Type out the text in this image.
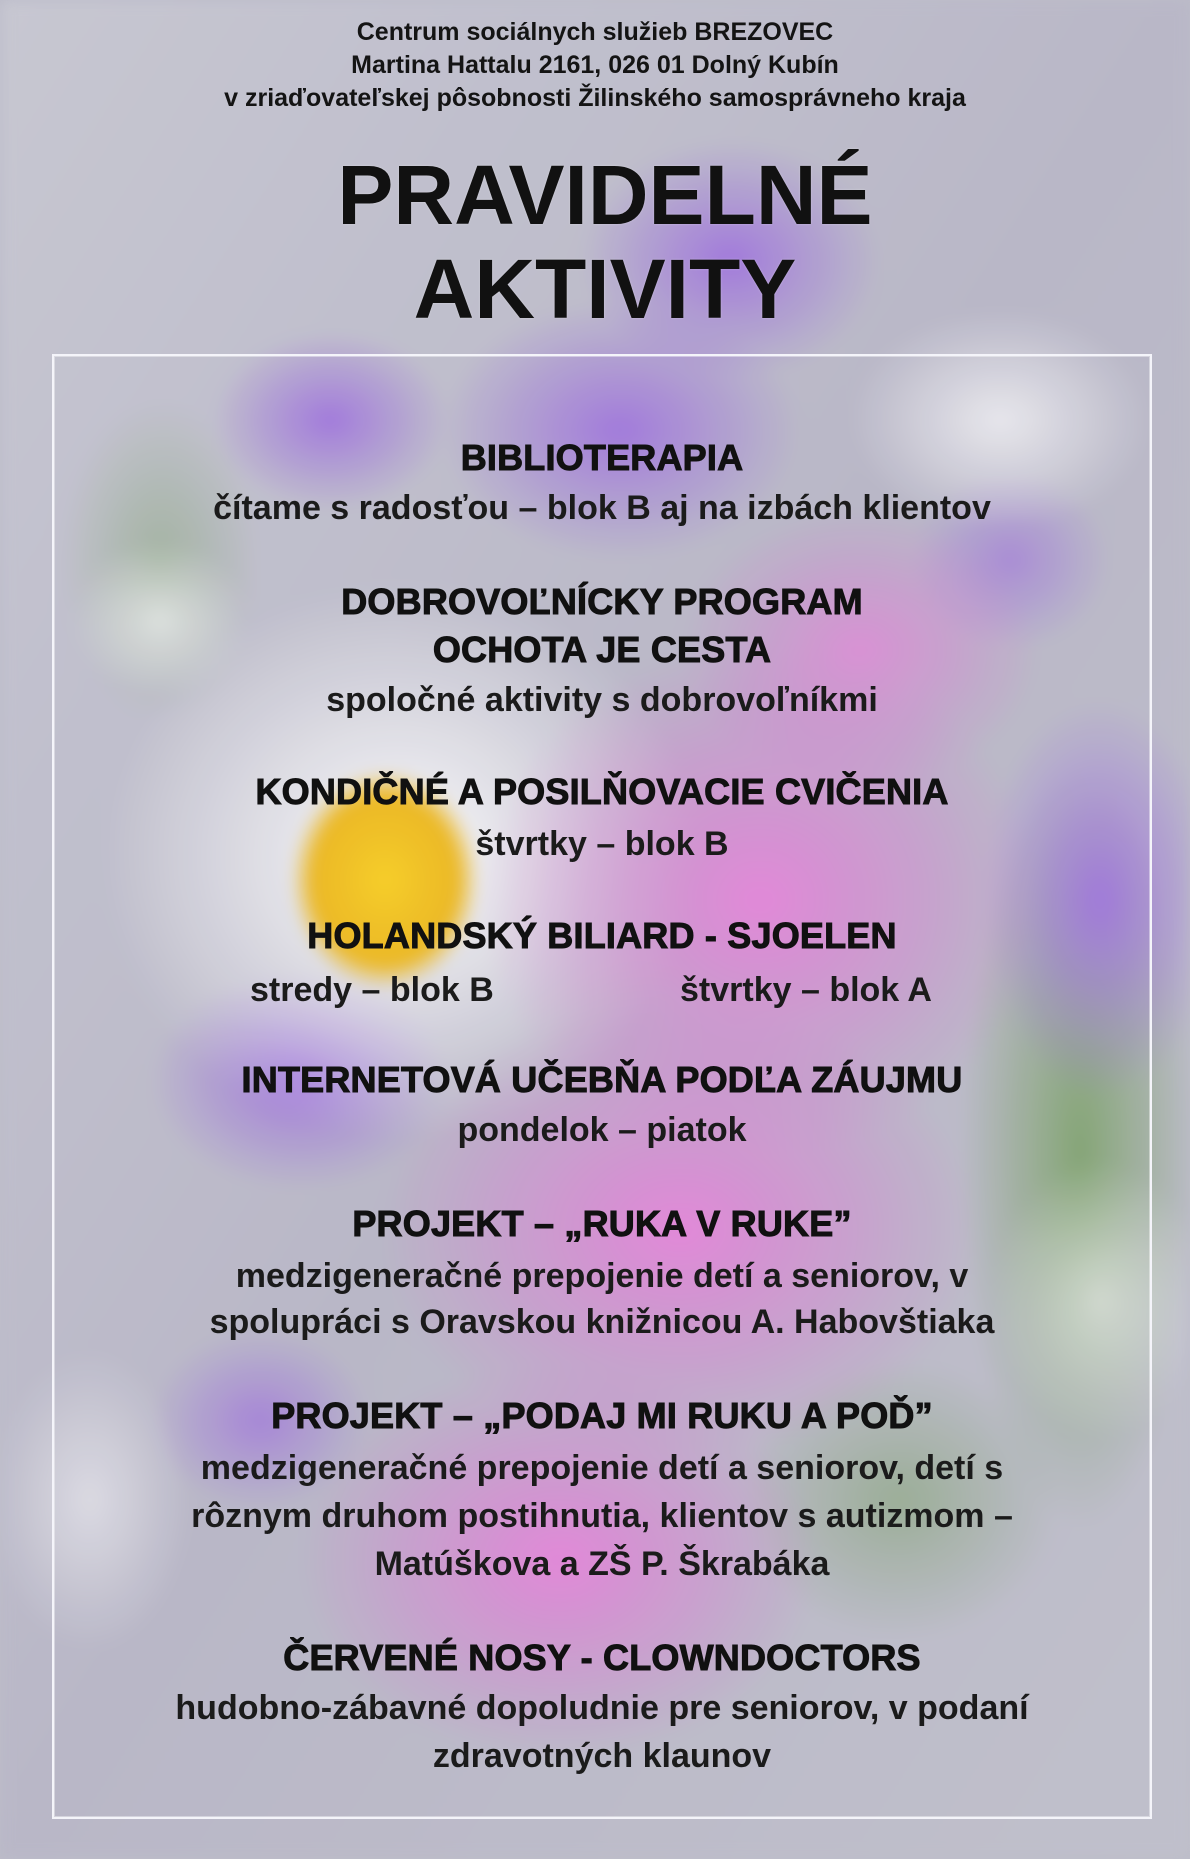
Centrum sociálnych služieb BREZOVEC
Martina Hattalu 2161, 026 01 Dolný Kubín
v zriaďovateľskej pôsobnosti Žilinského samosprávneho kraja
PRAVIDELNÉ
AKTIVITY
BIBLIOTERAPIA
čítame s radosťou – blok B aj na izbách klientov
DOBROVOĽNÍCKY PROGRAM
OCHOTA JE CESTA
spoločné aktivity s dobrovoľníkmi
KONDIČNÉ A POSILŇOVACIE CVIČENIA
štvrtky – blok B
HOLANDSKÝ BILIARD - SJOELEN
stredy – blok B	štvrtky – blok A
INTERNETOVÁ UČEBŇA PODĽA ZÁUJMU
pondelok – piatok
PROJEKT – „RUKA V RUKE”
medzigeneračné prepojenie detí a seniorov, v
spolupráci s Oravskou knižnicou A. Habovštiaka
PROJEKT – „PODAJ MI RUKU A POĎ”
medzigeneračné prepojenie detí a seniorov, detí s
rôznym druhom postihnutia, klientov s autizmom –
Matúškova a ZŠ P. Škrabáka
ČERVENÉ NOSY - CLOWNDOCTORS
hudobno-zábavné dopoludnie pre seniorov, v podaní
zdravotných klaunov
